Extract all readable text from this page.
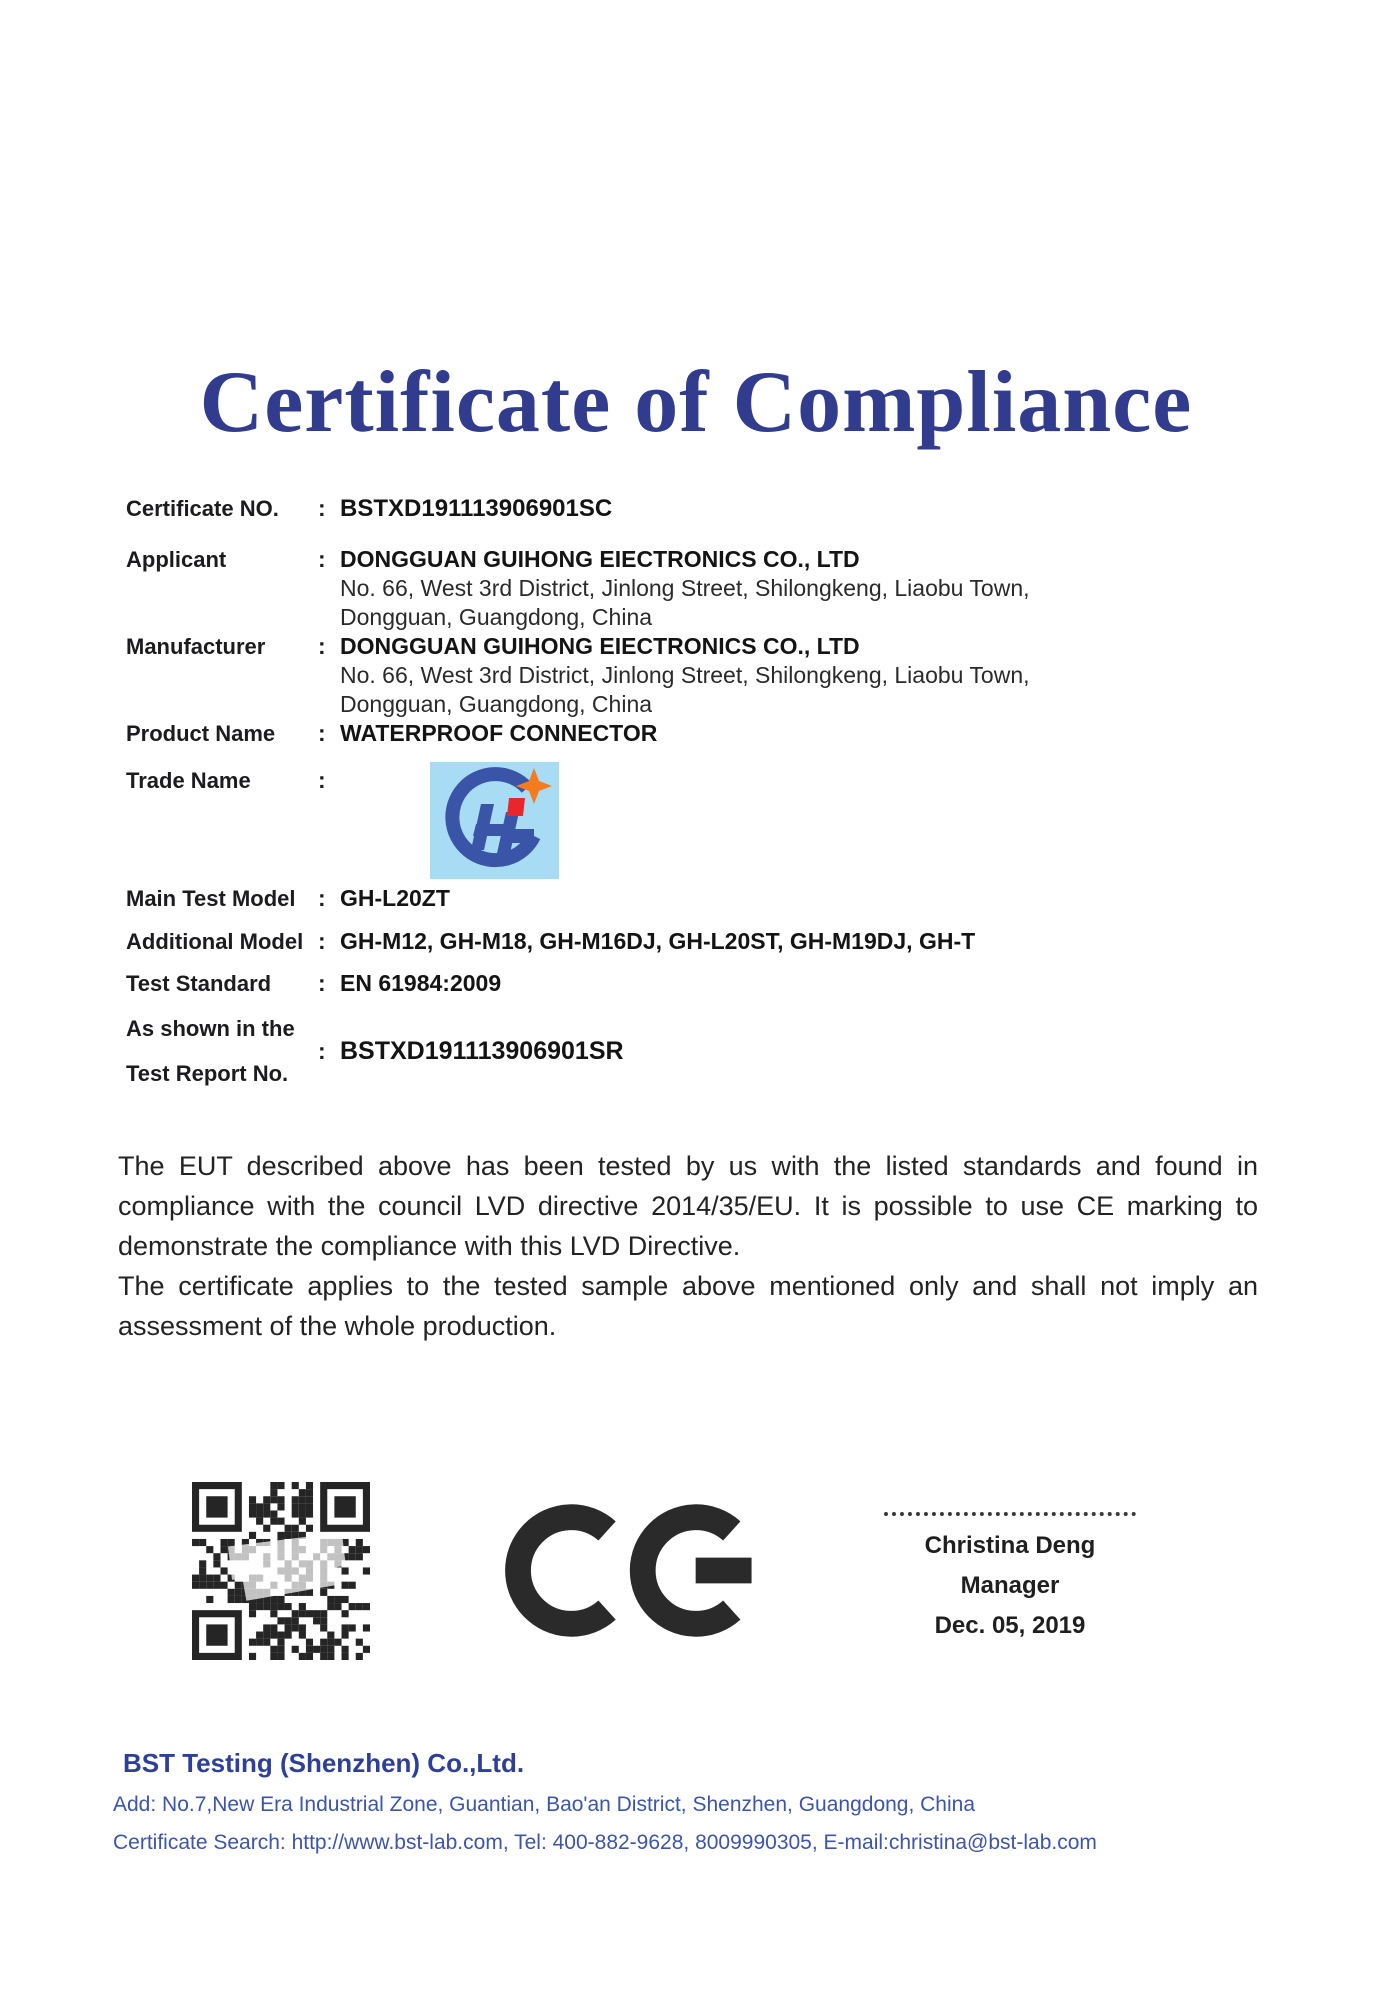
Certificate of Compliance
Certificate NO.	: BSTXD191113906901SC
Applicant	: DONGGUAN GUIHONG EIECTRONICS CO., LTD
No. 66, West 3rd District, Jinlong Street, Shilongkeng, Liaobu Town,
Dongguan, Guangdong, China
Manufacturer	: DONGGUAN GUIHONG EIECTRONICS CO., LTD
No. 66, West 3rd District, Jinlong Street, Shilongkeng, Liaobu Town,
Dongguan, Guangdong, China
Product Name	: WATERPROOF CONNECTOR
Trade Name	:
Main Test Model : GH-L20ZT
Additional Model : GH-M12, GH-M18, GH-M16DJ, GH-L20ST, GH-M19DJ, GH-T
Test Standard	: EN 61984:2009
As shown in the
Test Report No.
: BSTXD191113906901SR

The EUT described above has been tested by us with the listed standards and found in compliance with the council LVD directive 2014/35/EU. It is possible to use CE marking to demonstrate the compliance with this LVD Directive.

The certificate applies to the tested sample above mentioned only and shall not imply an assessment of the whole production.

Christina Deng
Manager
Dec. 05, 2019
BST Testing (Shenzhen) Co.,Ltd.
Add: No.7,New Era Industrial Zone, Guantian, Bao'an District, Shenzhen, Guangdong, China
Certificate Search: http://www.bst-lab.com, Tel: 400-882-9628, 8009990305, E-mail:christina@bst-lab.com
